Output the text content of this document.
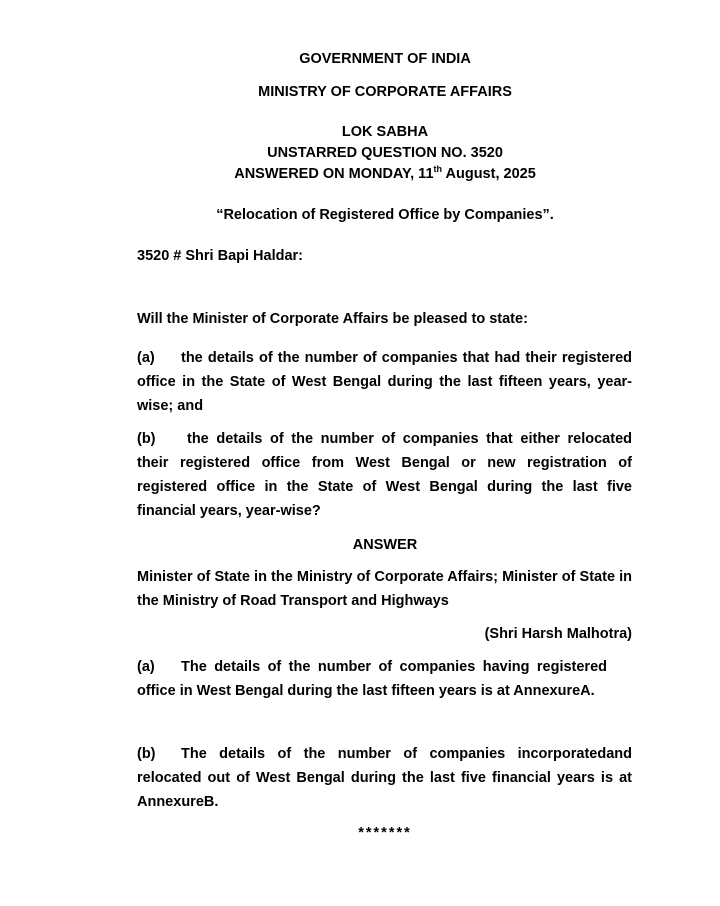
GOVERNMENT OF INDIA
MINISTRY OF CORPORATE AFFAIRS
LOK SABHA
UNSTARRED QUESTION NO. 3520
ANSWERED ON MONDAY, 11th August, 2025
“Relocation of Registered Office by Companies”.
3520 # Shri Bapi Haldar:
Will the Minister of Corporate Affairs be pleased to state:
(a) the details of the number of companies that had their registered office in the State of West Bengal during the last fifteen years, year-wise; and
(b) the details of the number of companies that either relocated their registered office from West Bengal or new registration of registered office in the State of West Bengal during the last five financial years, year-wise?
ANSWER
Minister of State in the Ministry of Corporate Affairs; Minister of State in the Ministry of Road Transport and Highways
(Shri Harsh Malhotra)
(a) The details of the number of companies having registered office in West Bengal during the last fifteen years is at AnnexureA.
(b) The details of the number of companies incorporatedand relocated out of West Bengal during the last five financial years is at AnnexureB.
*******
